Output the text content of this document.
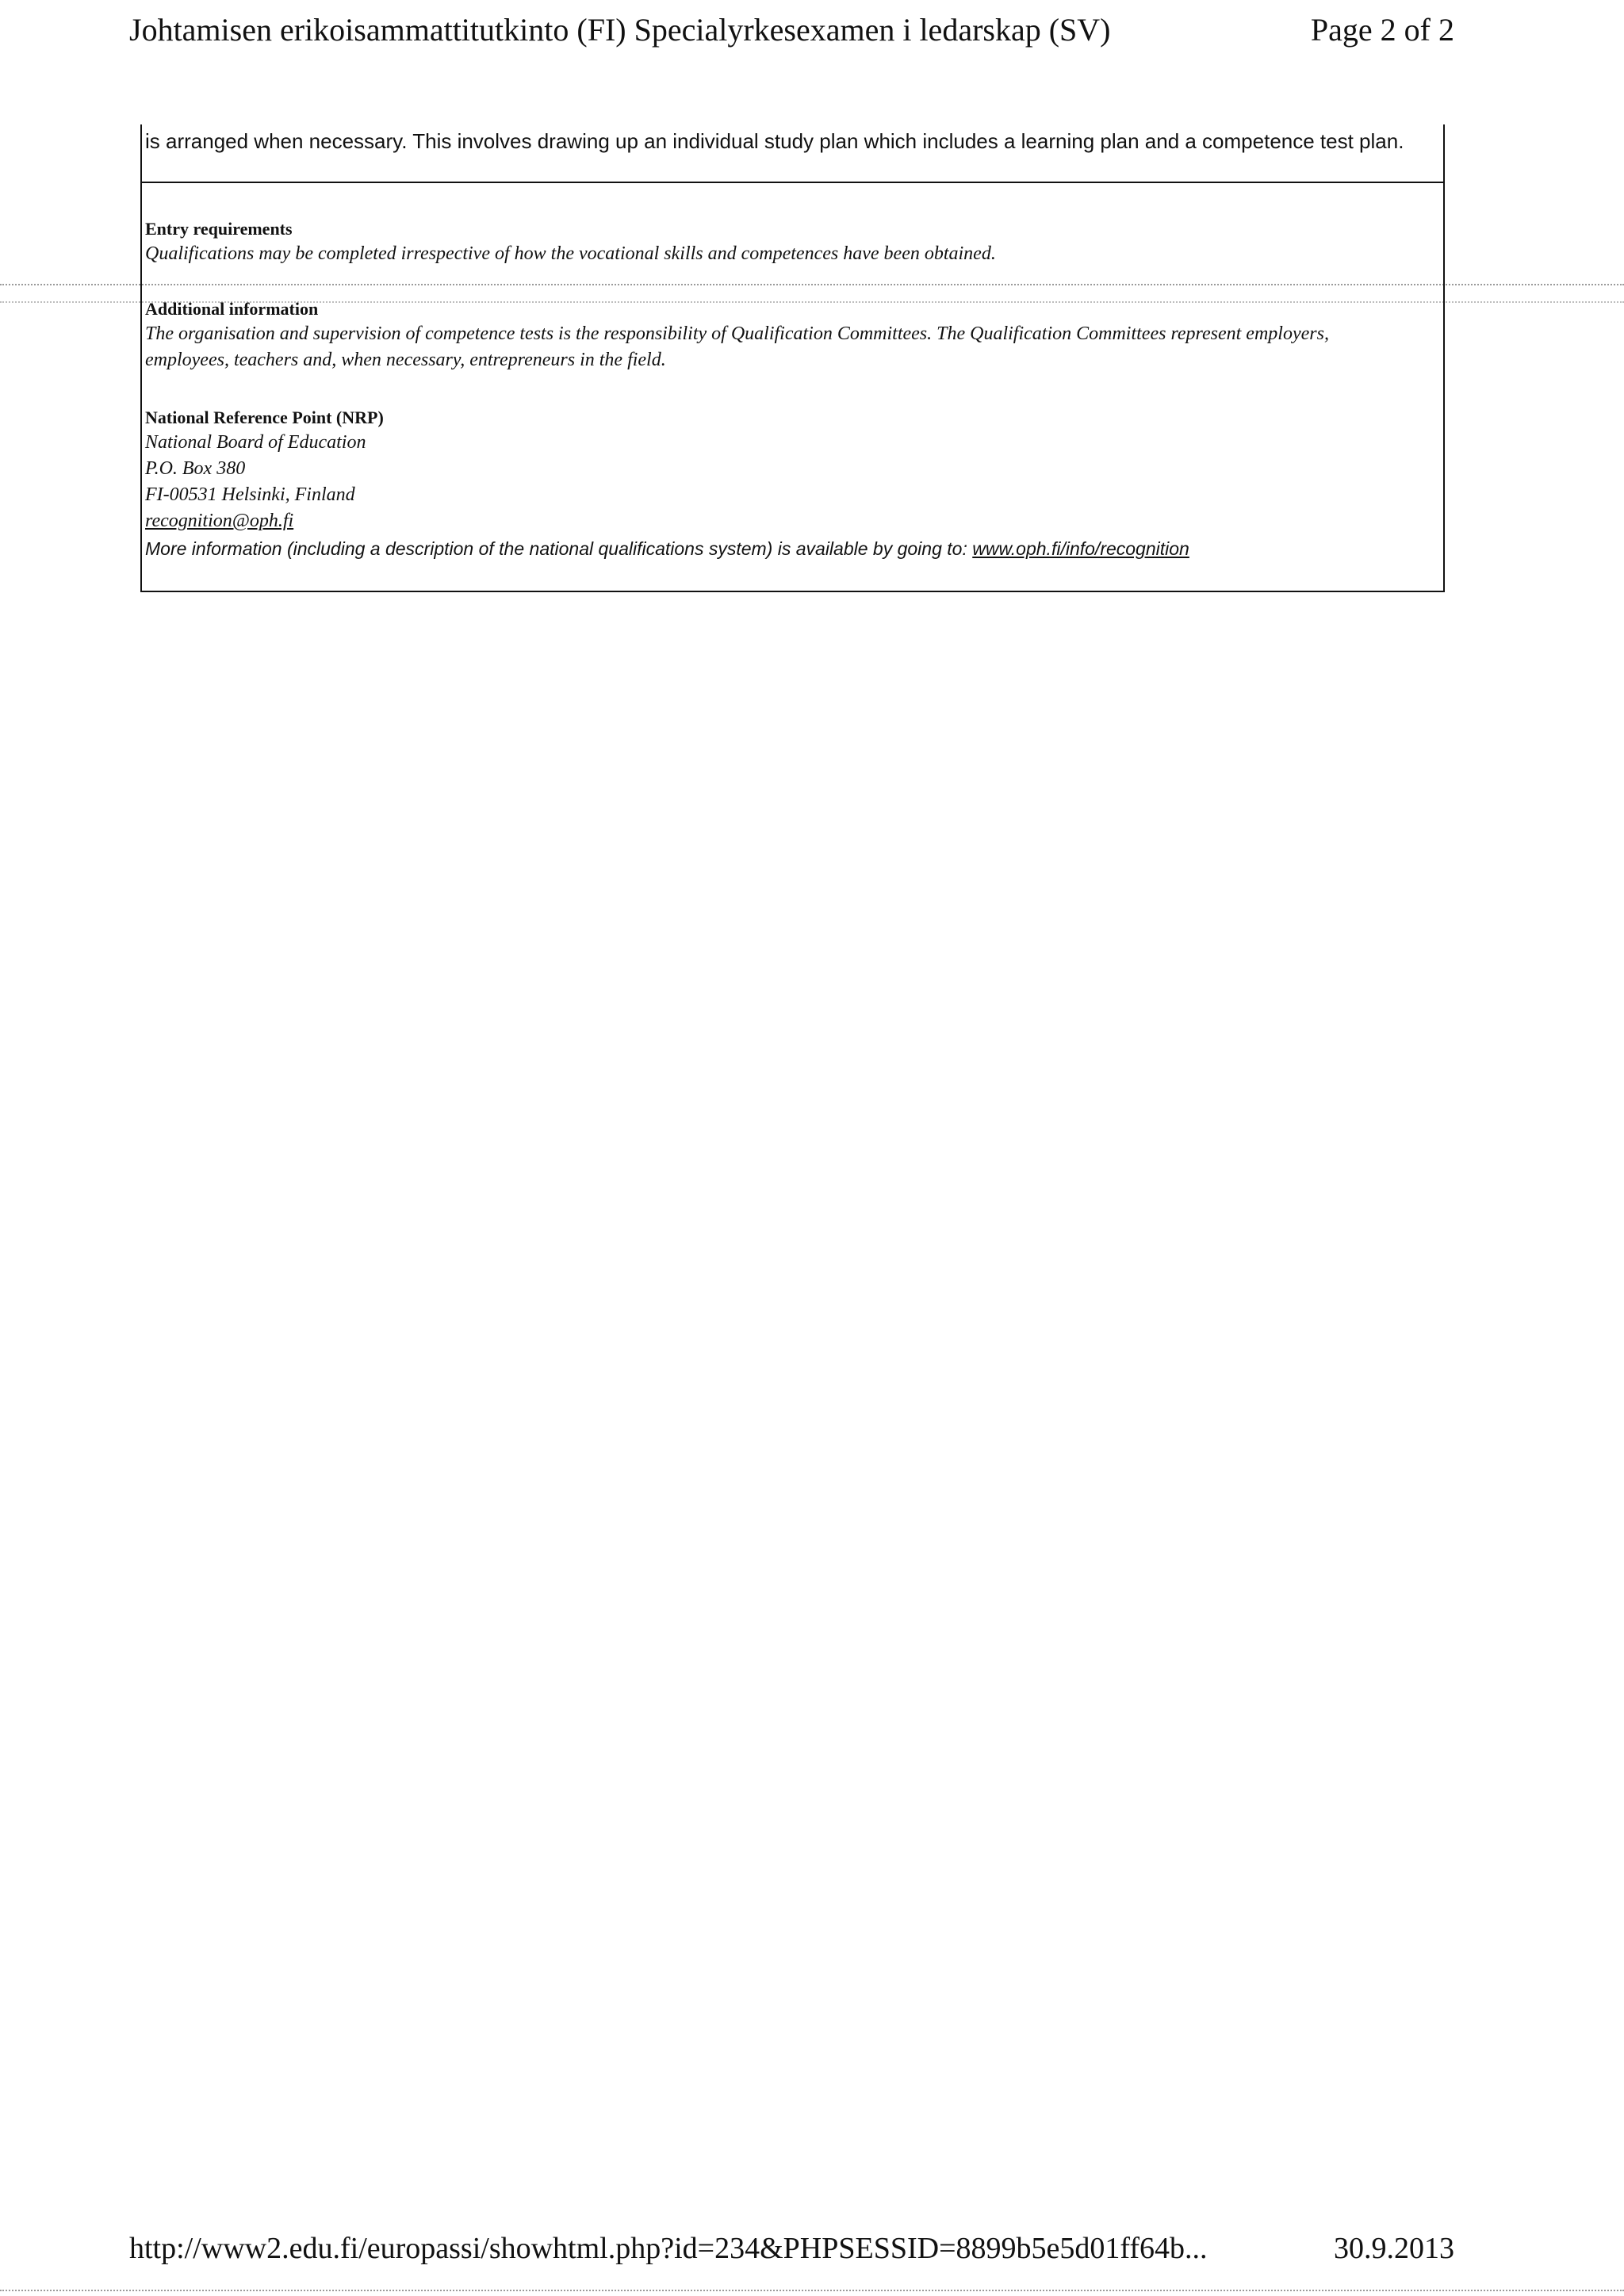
Johtamisen erikoisammattitutkinto (FI) Specialyrkesexamen i ledarskap (SV)	Page 2 of 2
is arranged when necessary. This involves drawing up an individual study plan which includes a learning plan and a competence test plan.
Entry requirements
Qualifications may be completed irrespective of how the vocational skills and competences have been obtained.
Additional information
The organisation and supervision of competence tests is the responsibility of Qualification Committees. The Qualification Committees represent employers, employees, teachers and, when necessary, entrepreneurs in the field.
National Reference Point (NRP)
National Board of Education
P.O. Box 380
FI-00531 Helsinki, Finland
recognition@oph.fi
More information (including a description of the national qualifications system) is available by going to: www.oph.fi/info/recognition
http://www2.edu.fi/europassi/showhtml.php?id=234&PHPSESSID=8899b5e5d01ff64b...	30.9.2013
